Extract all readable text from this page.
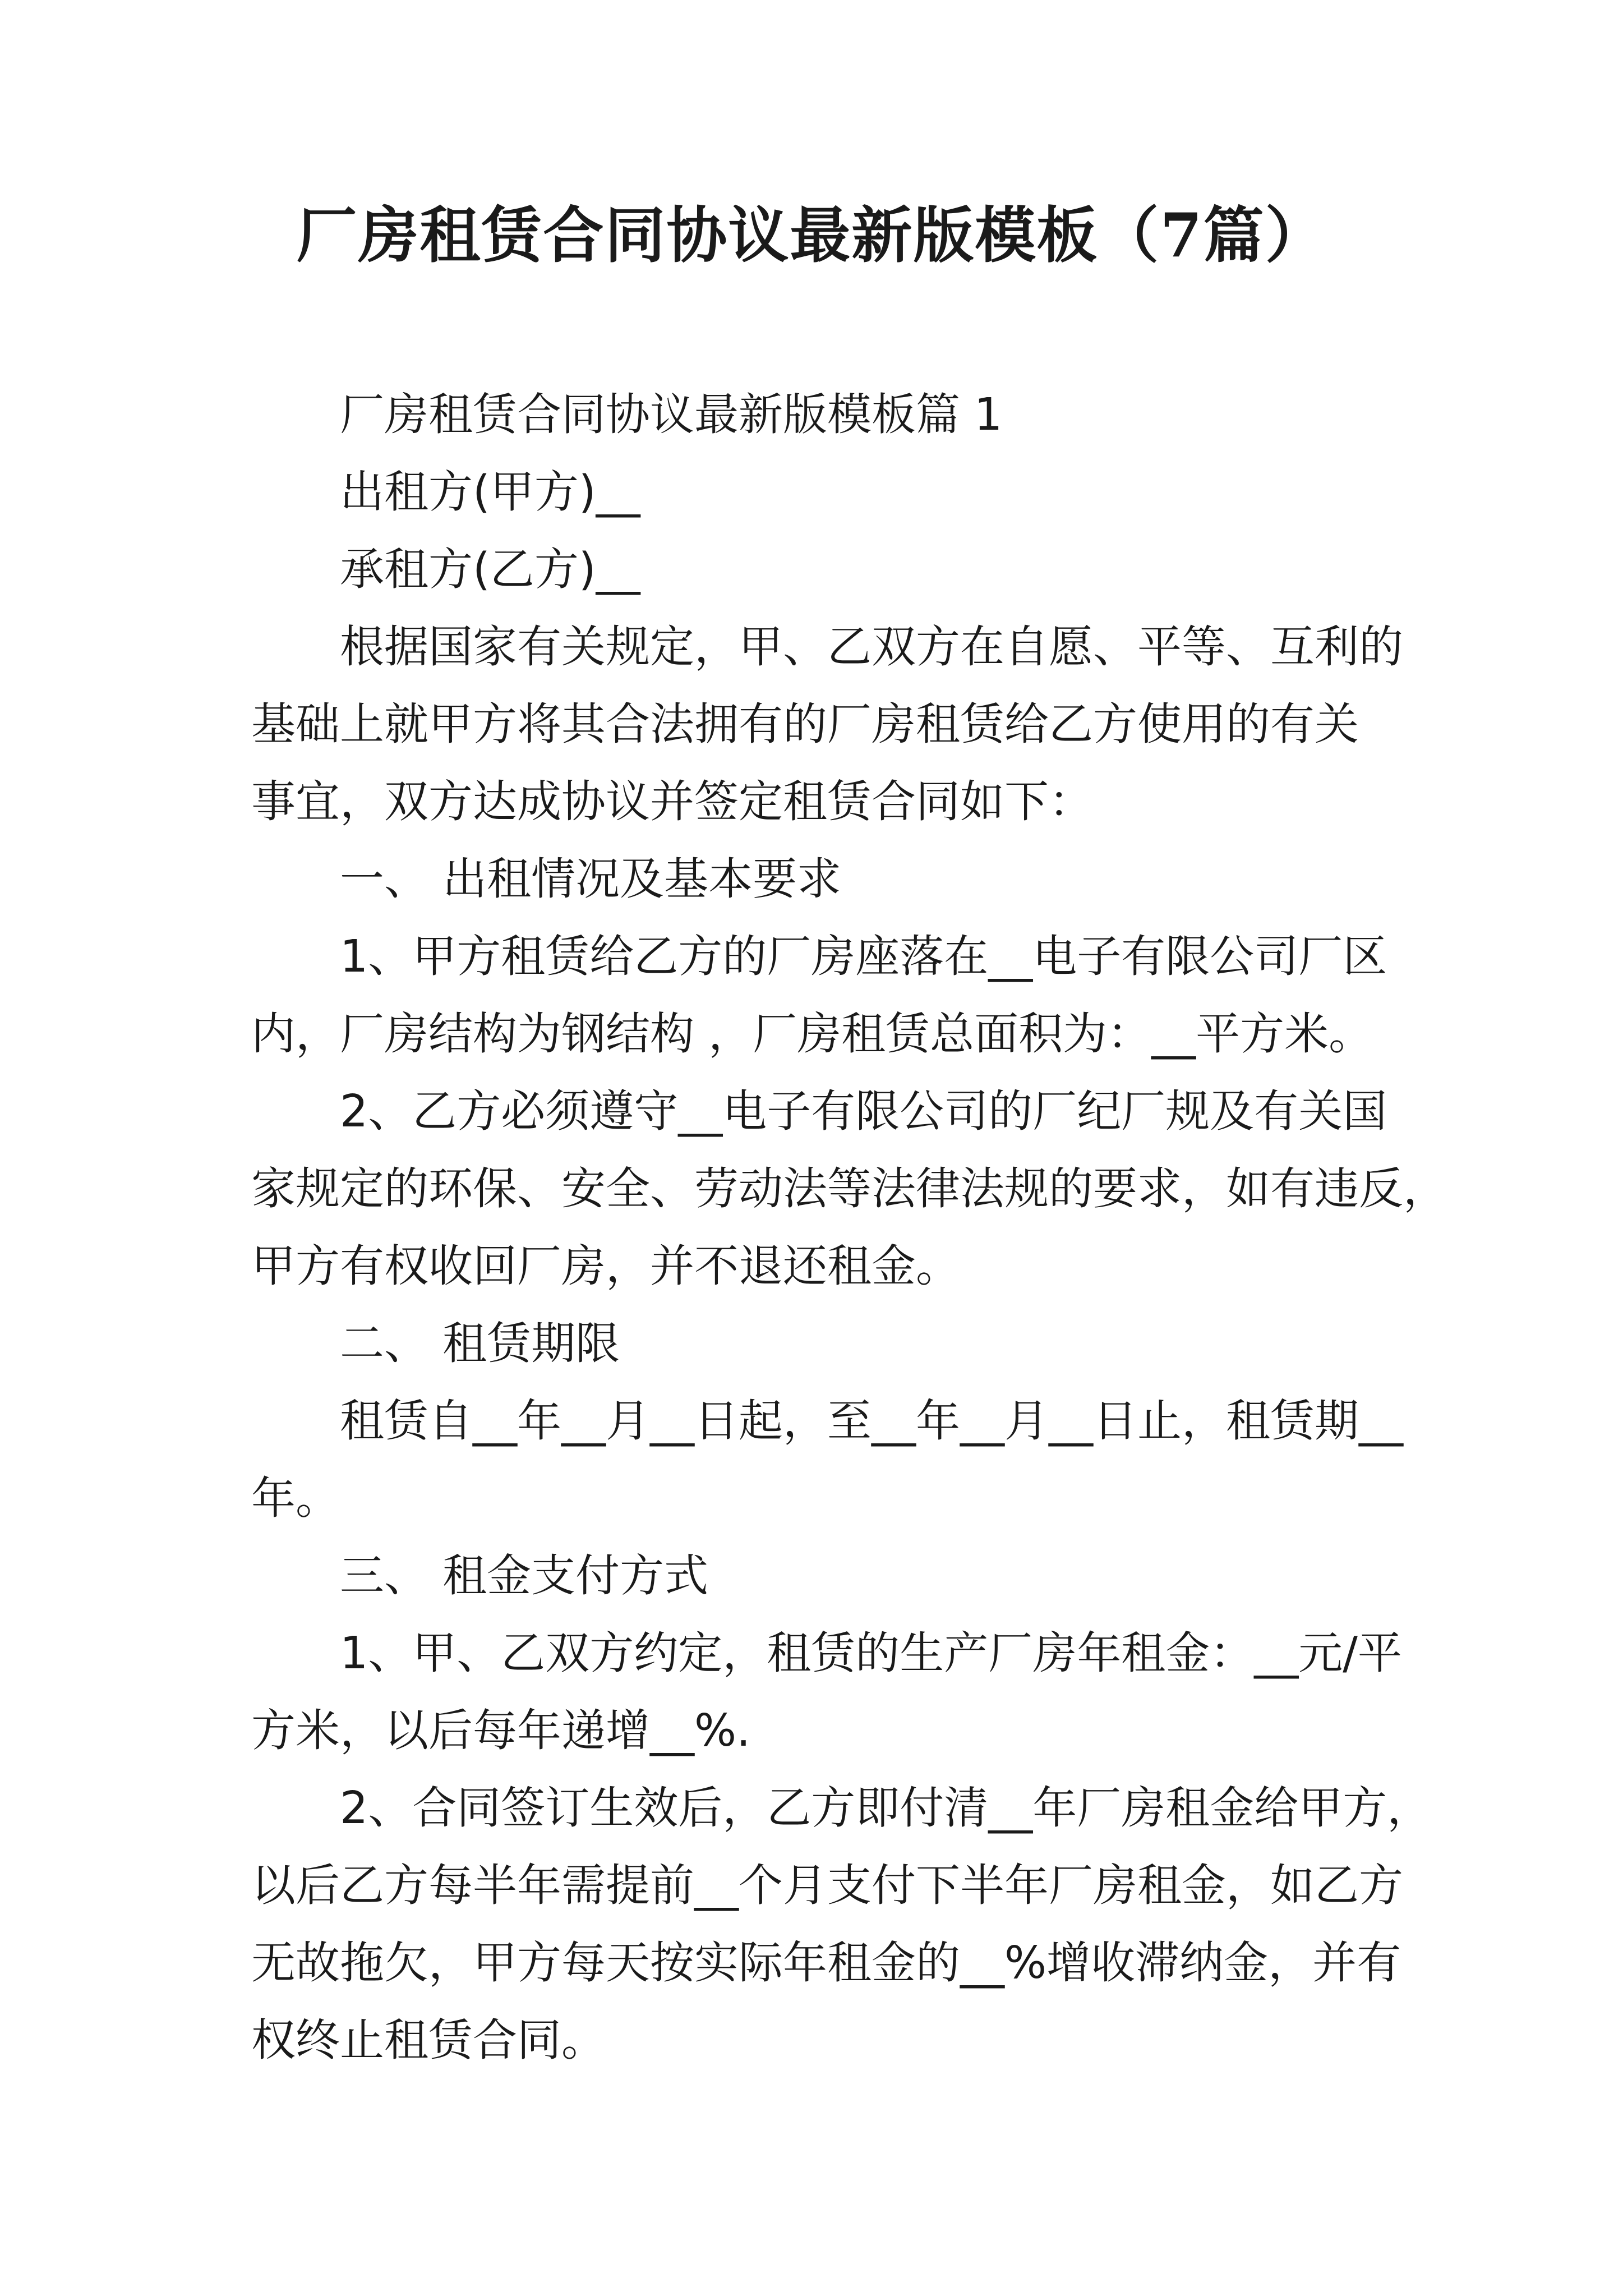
厂房租赁合同协议最新版模板（7篇）

厂房租赁合同协议最新版模板篇 1

出租方(甲方)__

承租方(乙方)__

根据国家有关规定，甲、乙双方在自愿、平等、互利的

基础上就甲方将其合法拥有的厂房租赁给乙方使用的有关

事宜，双方达成协议并签定租赁合同如下：

一、 出租情况及基本要求

1、甲方租赁给乙方的厂房座落在__电子有限公司厂区

内，厂房结构为钢结构 ，厂房租赁总面积为：__平方米。

2、乙方必须遵守__电子有限公司的厂纪厂规及有关国

家规定的环保、安全、劳动法等法律法规的要求，如有违反，

甲方有权收回厂房，并不退还租金。

二、 租赁期限

租赁自__年__月__日起，至__年__月__日止，租赁期__

年。

三、 租金支付方式

1、甲、乙双方约定，租赁的生产厂房年租金：__元/平

方米，以后每年递增__%.

2、合同签订生效后，乙方即付清__年厂房租金给甲方，

以后乙方每半年需提前__个月支付下半年厂房租金，如乙方

无故拖欠，甲方每天按实际年租金的__%增收滞纳金，并有

权终止租赁合同。
